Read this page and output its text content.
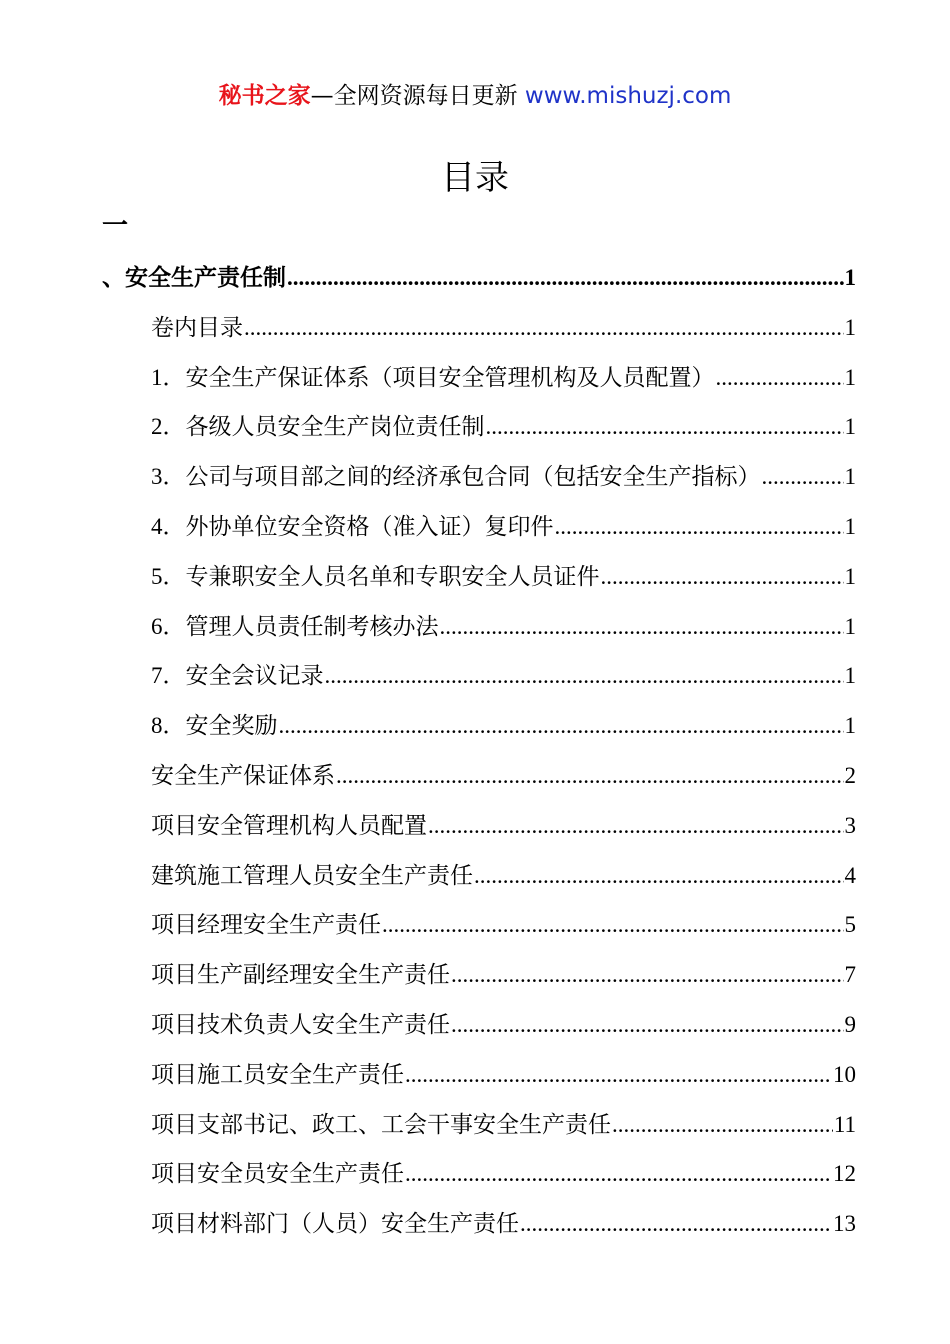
秘书之家—全网资源每日更新 www.mishuzj.com
目录
一
、安全生产责任制 .....	1
卷内目录 .....	1
1．安全生产保证体系（项目安全管理机构及人员配置） .....	1
2．各级人员安全生产岗位责任制 .....	1
3．公司与项目部之间的经济承包合同（包括安全生产指标） .....	1
4．外协单位安全资格（准入证）复印件 .....	1
5．专兼职安全人员名单和专职安全人员证件 .....	1
6．管理人员责任制考核办法 .....	1
7．安全会议记录 .....	1
8．安全奖励 .....	1
安全生产保证体系 .....	2
项目安全管理机构人员配置 .....	3
建筑施工管理人员安全生产责任 .....	4
项目经理安全生产责任 .....	5
项目生产副经理安全生产责任 .....	7
项目技术负责人安全生产责任 .....	9
项目施工员安全生产责任 .....	10
项目支部书记、政工、工会干事安全生产责任 .....	11
项目安全员安全生产责任 .....	12
项目材料部门（人员）安全生产责任 .....	13
